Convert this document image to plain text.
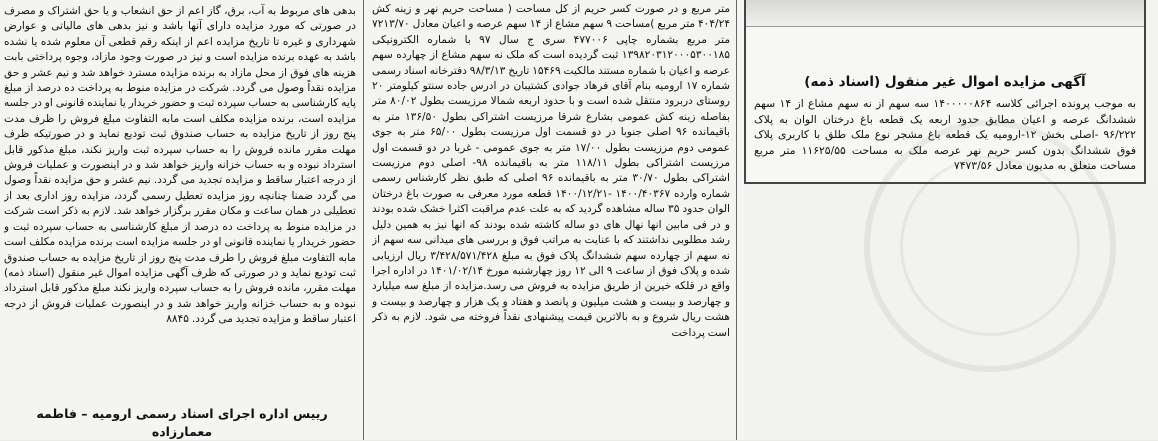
بدهی های مربوط به آب، برق، گاز اعم از حق انشعاب و یا حق اشتراک و مصرف در صورتی که مورد مزایده دارای آنها باشد و نیز بدهی های مالیاتی و عوارض شهرداری و غیره تا تاریخ مزایده اعم از اینکه رقم قطعی آن معلوم شده یا نشده باشد به عهده برنده مزایده است و نیز در صورت وجود مازاد، وجوه پرداختی بابت هزینه های فوق از محل مازاد به برنده مزایده مسترد خواهد شد و نیم عشر و حق مزایده نقداً وصول می گردد. شرکت در مزایده منوط به پرداخت ده درصد از مبلغ پایه کارشناسی به حساب سپرده ثبت و حضور خریدار یا نماینده قانونی او در جلسه مزایده است، برنده مزایده مکلف است مابه التفاوت مبلغ فروش را ظرف مدت پنج روز از تاریخ مزایده به حساب صندوق ثبت تودیع نماید و در صورتیکه ظرف مهلت مقرر مانده فروش را به حساب سپرده ثبت واریز نکند، مبلغ مذکور قابل استرداد نبوده و به حساب خزانه واریز خواهد شد و در اینصورت و عملیات فروش از درجه اعتبار ساقط و مزایده تجدید می گردد. نیم عشر و حق مزایده نقداً وصول می گردد ضمنا چنانچه روز مزایده تعطیل رسمی گردد، مزایده روز اداری بعد از تعطیلی در همان ساعت و مکان مقرر برگزار خواهد شد. لازم به ذکر است شرکت در مزایده منوط به پرداخت ده درصد از مبلغ کارشناسی به حساب سپرده ثبت و حضور خریدار یا نماینده قانونی او در جلسه مزایده است برنده مزایده مکلف است مابه التفاوت مبلغ فروش را طرف مدت پنج روز از تاریخ مزایده به حساب صندوق ثبت تودیع نماید و در صورتی که ظرف آگهی مزایده اموال غیر منقول (اسناد ذمه) مهلت مقرر، مانده فروش را به حساب سپرده واریز نکند مبلغ مذکور قابل استرداد نبوده و به حساب خزانه واریز خواهد شد و در اینصورت عملیات فروش از درجه اعتبار ساقط و مزایده تجدید می گردد. ۸۸۴۵

رییس اداره اجرای اسناد رسمی ارومیه – فاطمه معمارزاده

متر مربع و در صورت کسر حریم از کل مساحت ( مساحت حریم نهر و زینه کش ۴۰۴/۲۴ متر مربع )مساحت ۹ سهم مشاع از ۱۴ سهم عرصه و اعیان معادل ۷۲۱۳/۷۰ متر مربع بشماره چاپی ۴۷۷۰۰۶ سری ج سال ۹۷ با شماره الکترونیکی ۱۳۹۸۲۰۳۱۲۰۰۰۵۳۰۰۱۸۵ ثبت گردیده است که ملک نه سهم مشاع از چهارده سهم عرصه و اعیان با شماره مستند مالکیت ۱۵۴۶۹ تاریخ ۹۸/۳/۱۳ دفترخانه اسناد رسمی شماره ۱۷ ارومیه بنام آقای فرهاد جوادی کشتیبان در ادرس جاده سنتو کیلومتر ۲۰ روستای دربرود منتقل شده است و با حدود اربعه شمالا مرزیست بطول ۸۰/۰۲ متر بفاصله زینه کش عمومی بشارع شرقا مرزیست اشتراکی بطول ۱۳۶/۵۰ متر به باقیمانده ۹۶ اصلی جنوبا در دو قسمت اول مرزیست بطول ۶۵/۰۰ متر به جوی عمومی دوم مرزیست بطول ۱۷/۰۰ متر به جوی عمومی - غربا در دو قسمت اول مرزیست اشتراکی بطول ۱۱۸/۱۱ متر به باقیمانده ۹۸- اصلی دوم مرزیست اشتراکی بطول ۳۰/۷۰ متر به باقیمانده ۹۶ اصلی که طبق نظر کارشناس رسمی شماره وارده ۱۴۰۰/۴۰۳۶۷ -۱۴۰۰/۱۲/۲۱ قطعه مورد معرفی به صورت باغ درختان الوان حدود ۳۵ ساله مشاهده گردید که به علت عدم مراقبت اکثرا خشک شده بودند و در فی مابین انها نهال های دو ساله کاشته شده بودند که انها نیز به همین دلیل رشد مطلوبی نداشتند که با عنایت به مراتب فوق و بررسی های میدانی سه سهم از نه سهم از چهارده سهم ششدانگ پلاک فوق به مبلغ ۳/۴۲۸/۵۷۱/۴۲۸ ریال ارزیابی شده و پلاک فوق از ساعت ۹ الی ۱۲ روز چهارشنبه مورخ ۱۴۰۱/۰۲/۱۴ در اداره اجرا واقع در قلکه خیرین از طریق مزایده به فروش می رسد.مزایده از مبلغ سه میلیارد و چهارصد و بیست و هشت میلیون و پانصد و هفتاد و یک هزار و چهارصد و بیست و هشت ریال شروع و به بالاترین قیمت پیشنهادی نقداً فروخته می شود. لازم به ذکر است پرداخت

آگهی مزایده اموال غیر منقول (اسناد ذمه)
به موجب پرونده اجرائی کلاسه ۱۴۰۰۰۰۰۸۶۴ سه سهم از نه سهم مشاع از ۱۴ سهم ششدانگ عرصه و اعیان مطابق حدود اربعه یک قطعه باغ درختان الوان به پلاک ۹۶/۲۲۲ -اصلی بخش ۱۲-ارومیه یک قطعه باغ مشجر نوع ملک طلق با کاربری پلاک فوق ششدانگ بدون کسر حریم نهر عرصه ملک به مساحت ۱۱۶۲۵/۵۵ متر مربع مساحت متعلق به مدیون معادل ۷۴۷۳/۵۶
